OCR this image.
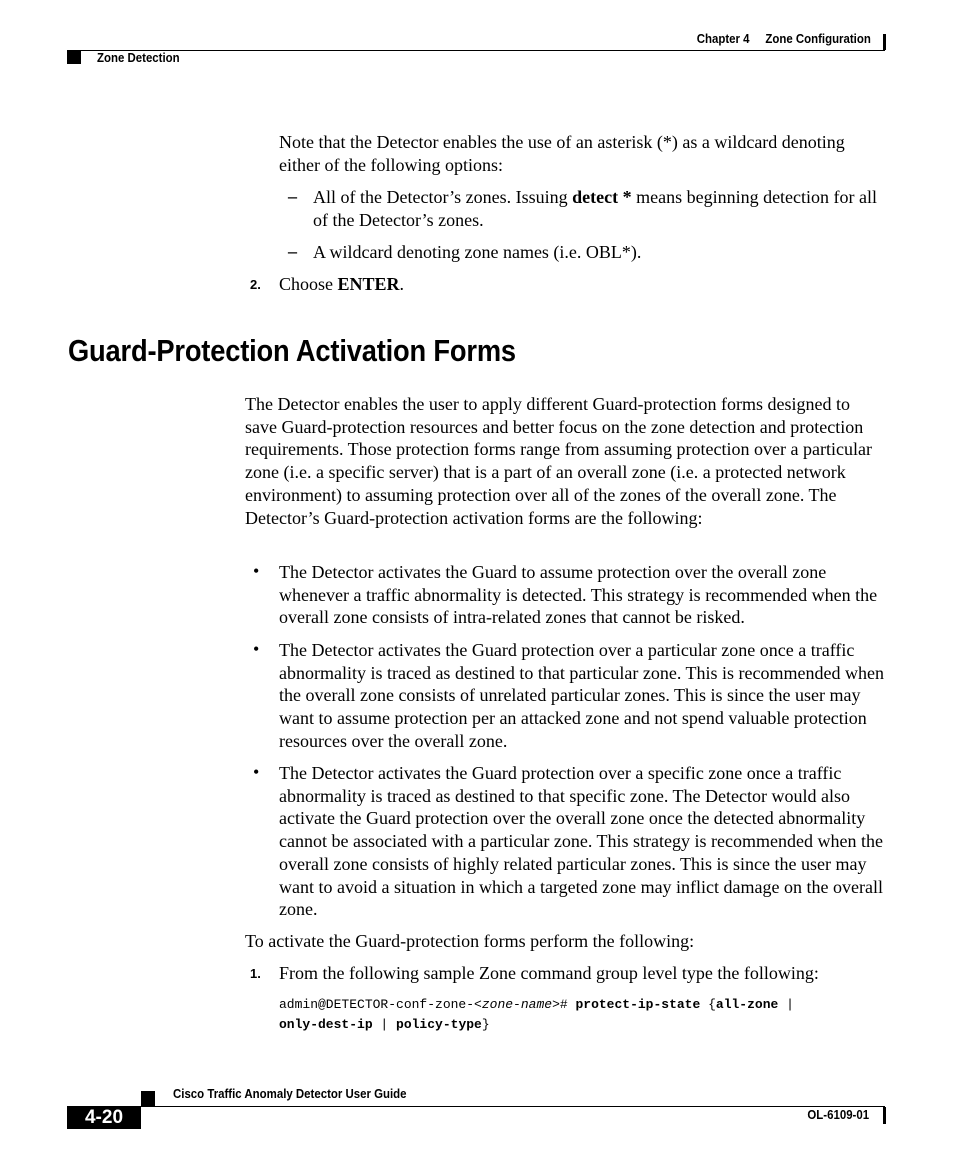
Chapter 4 Zone Configuration
Zone Detection

Note that the Detector enables the use of an asterisk (*) as a wildcard denoting either of the following options:

– All of the Detector’s zones. Issuing detect * means beginning detection for all of the Detector’s zones.

– A wildcard denoting zone names (i.e. OBL*).

2. Choose ENTER.

Guard-Protection Activation Forms

The Detector enables the user to apply different Guard-protection forms designed to save Guard-protection resources and better focus on the zone detection and protection requirements. Those protection forms range from assuming protection over a particular zone (i.e. a specific server) that is a part of an overall zone (i.e. a protected network environment) to assuming protection over all of the zones of the overall zone. The Detector’s Guard-protection activation forms are the following:

• The Detector activates the Guard to assume protection over the overall zone whenever a traffic abnormality is detected. This strategy is recommended when the overall zone consists of intra-related zones that cannot be risked.

• The Detector activates the Guard protection over a particular zone once a traffic abnormality is traced as destined to that particular zone. This is recommended when the overall zone consists of unrelated particular zones. This is since the user may want to assume protection per an attacked zone and not spend valuable protection resources over the overall zone.

• The Detector activates the Guard protection over a specific zone once a traffic abnormality is traced as destined to that specific zone. The Detector would also activate the Guard protection over the overall zone once the detected abnormality cannot be associated with a particular zone. This strategy is recommended when the overall zone consists of highly related particular zones. This is since the user may want to avoid a situation in which a targeted zone may inflict damage on the overall zone.

To activate the Guard-protection forms perform the following:

1. From the following sample Zone command group level type the following:

admin@DETECTOR-conf-zone-<zone-name># protect-ip-state {all-zone |
only-dest-ip | policy-type}

Cisco Traffic Anomaly Detector User Guide
4-20	OL-6109-01
